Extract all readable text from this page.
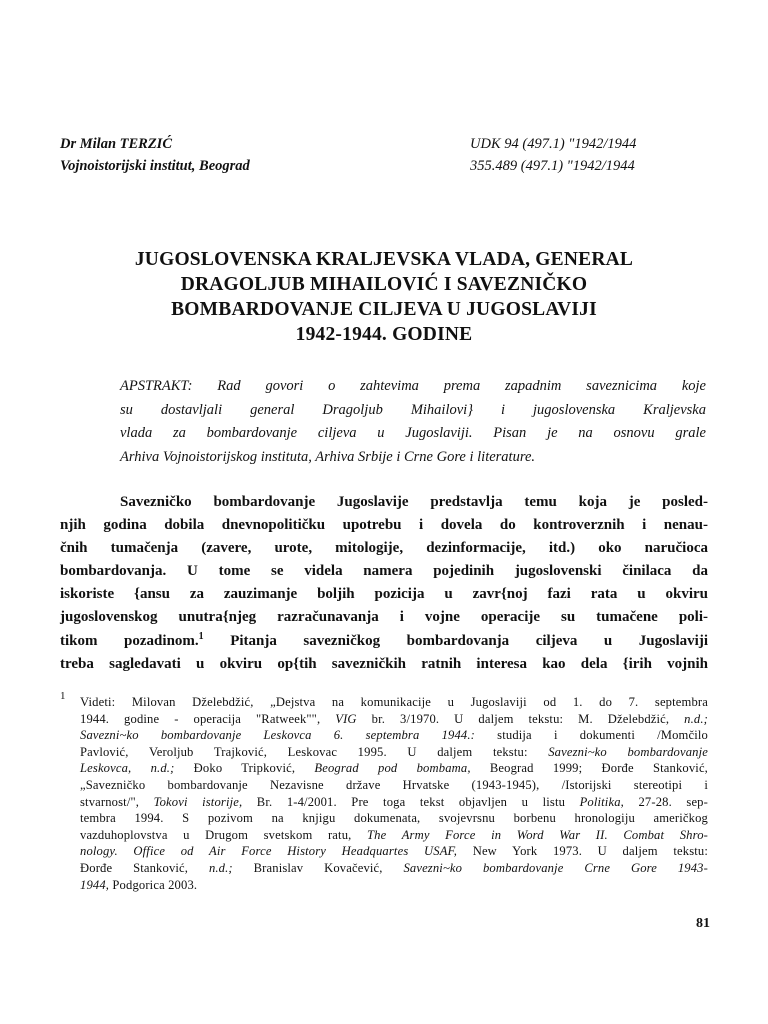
Dr Milan TERZIĆ
Vojnoistorijski institut, Beograd
UDK 94 (497.1) "1942/1944
355.489 (497.1) "1942/1944
JUGOSLOVENSKA KRALJEVSKA VLADA, GENERAL
DRAGOLJUB MIHAILOVIĆ I SAVEZNIČKO
BOMBARDOVANJE CILJEVA U JUGOSLAVIJI
1942-1944. GODINE
APSTRAKT: Rad govori o zahtevima prema zapadnim saveznicima koje
su dostavljali general Dragoljub Mihailovi} i jugoslovenska Kraljevska
vlada za bombardovanje ciljeva u Jugoslaviji. Pisan je na osnovu grale
Arhiva Vojnoistorijskog instituta, Arhiva Srbije i Crne Gore i literature.
Savezničko bombardovanje Jugoslavije predstavlja temu koja je posled-
njih godina dobila dnevnopolitičku upotrebu i dovela do kontroverznih i nenau-
čnih tumačenja (zavere, urote, mitologije, dezinformacije, itd.) oko naručioca
bombardovanja. U tome se videla namera pojedinih jugoslovenski činilaca da
iskoriste {ansu za zauzimanje boljih pozicija u zavr{noj fazi rata u okviru
jugoslovenskog unutra{njeg razračunavanja i vojne operacije su tumačene poli-
tikom pozadinom.$^1$ Pitanja savezničkog bombardovanja ciljeva u Jugoslaviji
treba sagledavati u okviru op{tih savezničkih ratnih interesa kao dela {irih vojnih
1 Videti: Milovan Dželebdžić, „Dejstva na komunikacije u Jugoslaviji od 1. do 7. septembra
1944. godine - operacija "Ratweek"", VIG br. 3/1970. U daljem tekstu: M. Dželebdžić, n.d.;
Savezni~ko bombardovanje Leskovca 6. septembra 1944.: studija i dokumenti /Momčilo
Pavlović, Veroljub Trajković, Leskovac 1995. U daljem tekstu: Savezni~ko bombardovanje
Leskovca, n.d.; Đoko Tripković, Beograd pod bombama, Beograd 1999; Đorđe Stanković,
„Savezničko bombardovanje Nezavisne države Hrvatske (1943-1945), /Istorijski stereotipi i
stvarnost/", Tokovi istorije, Br. 1-4/2001. Pre toga tekst objavljen u listu Politika, 27-28. sep-
tembra 1994. S pozivom na knjigu dokumenata, svojevrsnu borbenu hronologiju američkog
vazduhoplovstva u Drugom svetskom ratu, The Army Force in Word War II. Combat Shro-
nology. Office od Air Force History Headquartes USAF, New York 1973. U daljem tekstu:
Đorđe Stanković, n.d.; Branislav Kovačević, Savezni~ko bombardovanje Crne Gore 1943-
1944, Podgorica 2003.
81
